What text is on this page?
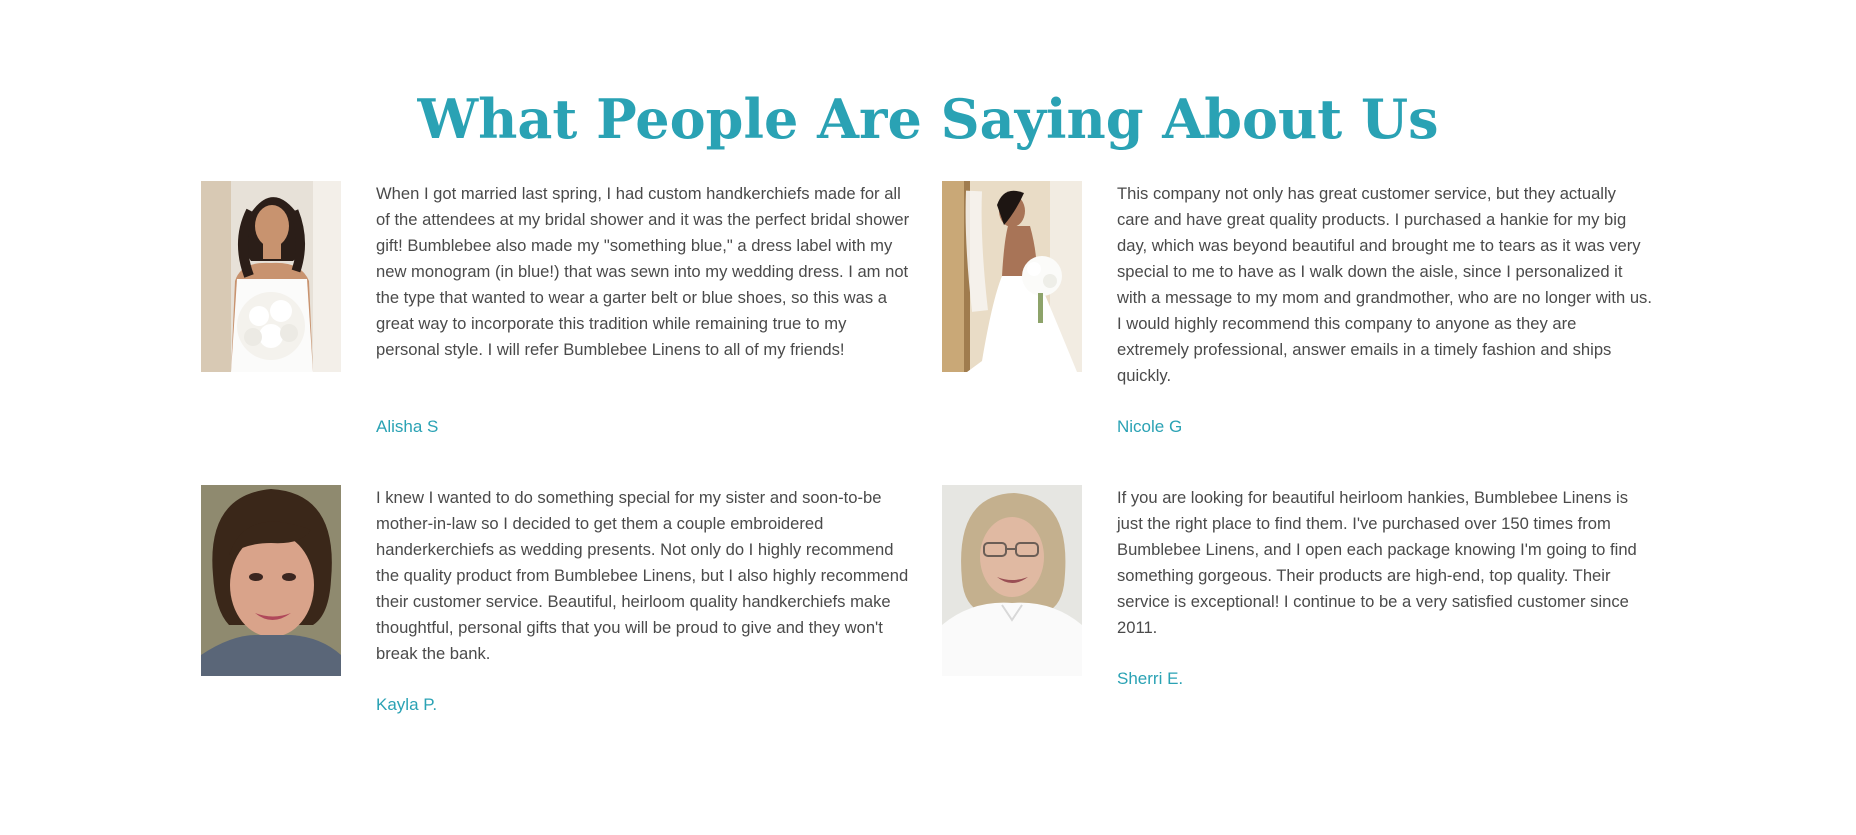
What People Are Saying About Us

When I got married last spring, I had custom handkerchiefs made for all of the attendees at my bridal shower and it was the perfect bridal shower gift! Bumblebee also made my "something blue," a dress label with my new monogram (in blue!) that was sewn into my wedding dress. I am not the type that wanted to wear a garter belt or blue shoes, so this was a great way to incorporate this tradition while remaining true to my personal style. I will refer Bumblebee Linens to all of my friends!

Alisha S

This company not only has great customer service, but they actually care and have great quality products. I purchased a hankie for my big day, which was beyond beautiful and brought me to tears as it was very special to me to have as I walk down the aisle, since I personalized it with a message to my mom and grandmother, who are no longer with us. I would highly recommend this company to anyone as they are extremely professional, answer emails in a timely fashion and ships quickly.

Nicole G

I knew I wanted to do something special for my sister and soon-to-be mother-in-law so I decided to get them a couple embroidered handerkerchiefs as wedding presents. Not only do I highly recommend the quality product from Bumblebee Linens, but I also highly recommend their customer service. Beautiful, heirloom quality handkerchiefs make thoughtful, personal gifts that you will be proud to give and they won't break the bank.

Kayla P.

If you are looking for beautiful heirloom hankies, Bumblebee Linens is just the right place to find them. I've purchased over 150 times from Bumblebee Linens, and I open each package knowing I'm going to find something gorgeous. Their products are high-end, top quality. Their service is exceptional! I continue to be a very satisfied customer since 2011.

Sherri E.
